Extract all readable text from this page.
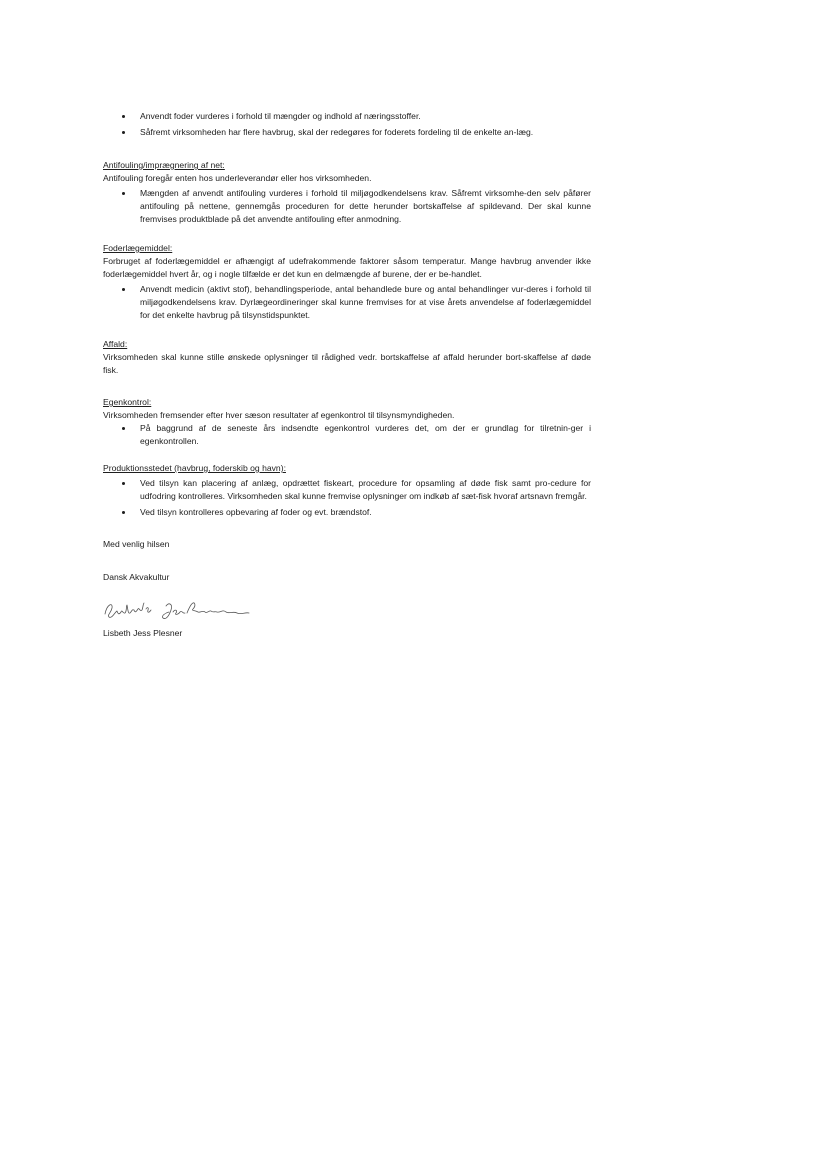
Anvendt foder vurderes i forhold til mængder og indhold af næringsstoffer.
Såfremt virksomheden har flere havbrug, skal der redegøres for foderets fordeling til de enkelte an-læg.

Antifouling/imprægnering af net:

Antifouling foregår enten hos underleverandør eller hos virksomheden.

Mængden af anvendt antifouling vurderes i forhold til miljøgodkendelsens krav. Såfremt virksomhe-den selv påfører antifouling på nettene, gennemgås proceduren for dette herunder bortskaffelse af spildevand. Der skal kunne fremvises produktblade på det anvendte antifouling efter anmodning.

Foderlægemiddel:

Forbruget af foderlægemiddel er afhængigt af udefrakommende faktorer såsom temperatur. Mange havbrug anvender ikke foderlægemiddel hvert år, og i nogle tilfælde er det kun en delmængde af burene, der er be-handlet.

Anvendt medicin (aktivt stof), behandlingsperiode, antal behandlede bure og antal behandlinger vur-deres i forhold til miljøgodkendelsens krav. Dyrlægeordineringer skal kunne fremvises for at vise årets anvendelse af foderlægemiddel for det enkelte havbrug på tilsynstidspunktet.

Affald:

Virksomheden skal kunne stille ønskede oplysninger til rådighed vedr. bortskaffelse af affald herunder bort-skaffelse af døde fisk.

Egenkontrol:

Virksomheden fremsender efter hver sæson resultater af egenkontrol til tilsynsmyndigheden.

På baggrund af de seneste års indsendte egenkontrol vurderes det, om der er grundlag for tilretnin-ger i egenkontrollen.

Produktionsstedet (havbrug, foderskib og havn):

Ved tilsyn kan placering af anlæg, opdrættet fiskeart, procedure for opsamling af døde fisk samt pro-cedure for udfodring kontrolleres. Virksomheden skal kunne fremvise oplysninger om indkøb af sæt-fisk hvoraf artsnavn fremgår.
Ved tilsyn kontrolleres opbevaring af foder og evt. brændstof.

Med venlig hilsen

Dansk Akvakultur

Lisbeth Jess Plesner
